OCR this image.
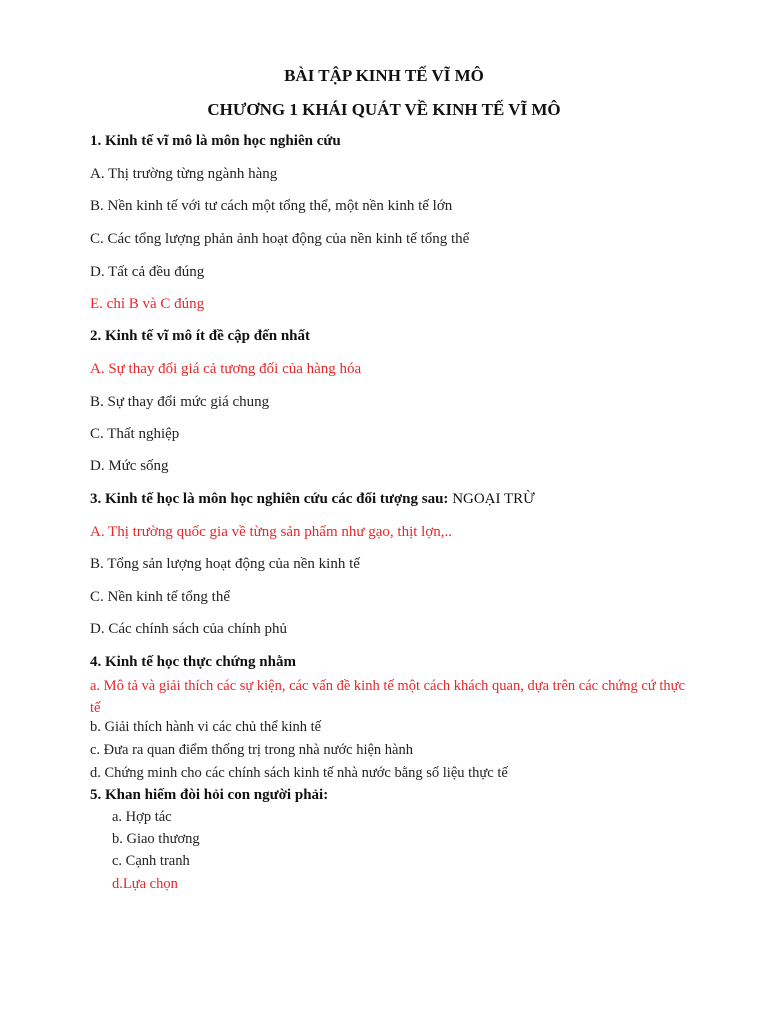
BÀI TẬP KINH TẾ VĨ MÔ
CHƯƠNG 1 KHÁI QUÁT VỀ KINH TẾ VĨ MÔ
1. Kinh tế vĩ mô là môn học nghiên cứu
A. Thị trường từng ngành hàng
B. Nền kinh tế với tư cách một tổng thể, một nền kinh tế lớn
C. Các tổng lượng phản ảnh hoạt động của nền kinh tế tổng thể
D. Tất cả đều đúng
E. chỉ B và C đúng
2. Kinh tế vĩ mô ít đề cập đến nhất
A. Sự thay đổi giá cả tương đối của hàng hóa
B. Sự thay đổi mức giá chung
C. Thất nghiệp
D. Mức sống
3. Kinh tế học là môn học nghiên cứu các đối tượng sau: NGOẠI TRỪ
A. Thị trường quốc gia về từng sản phẩm như gạo, thịt lợn,..
B. Tổng sản lượng hoạt động của nền kinh tế
C. Nền kinh tế tổng thể
D. Các chính sách của chính phủ
4. Kinh tế học thực chứng nhằm
a. Mô tả và giải thích các sự kiện, các vấn đề kinh tế một cách khách quan, dựa trên các chứng cứ thực tế
b. Giải thích hành vi các chủ thể kinh tế
c. Đưa ra quan điểm thống trị trong nhà nước hiện hành
d. Chứng minh cho các chính sách kinh tế nhà nước bằng số liệu thực tế
5. Khan hiếm đòi hỏi con người phải:
a. Hợp tác
b. Giao thương
c. Cạnh tranh
d.Lựa chọn
